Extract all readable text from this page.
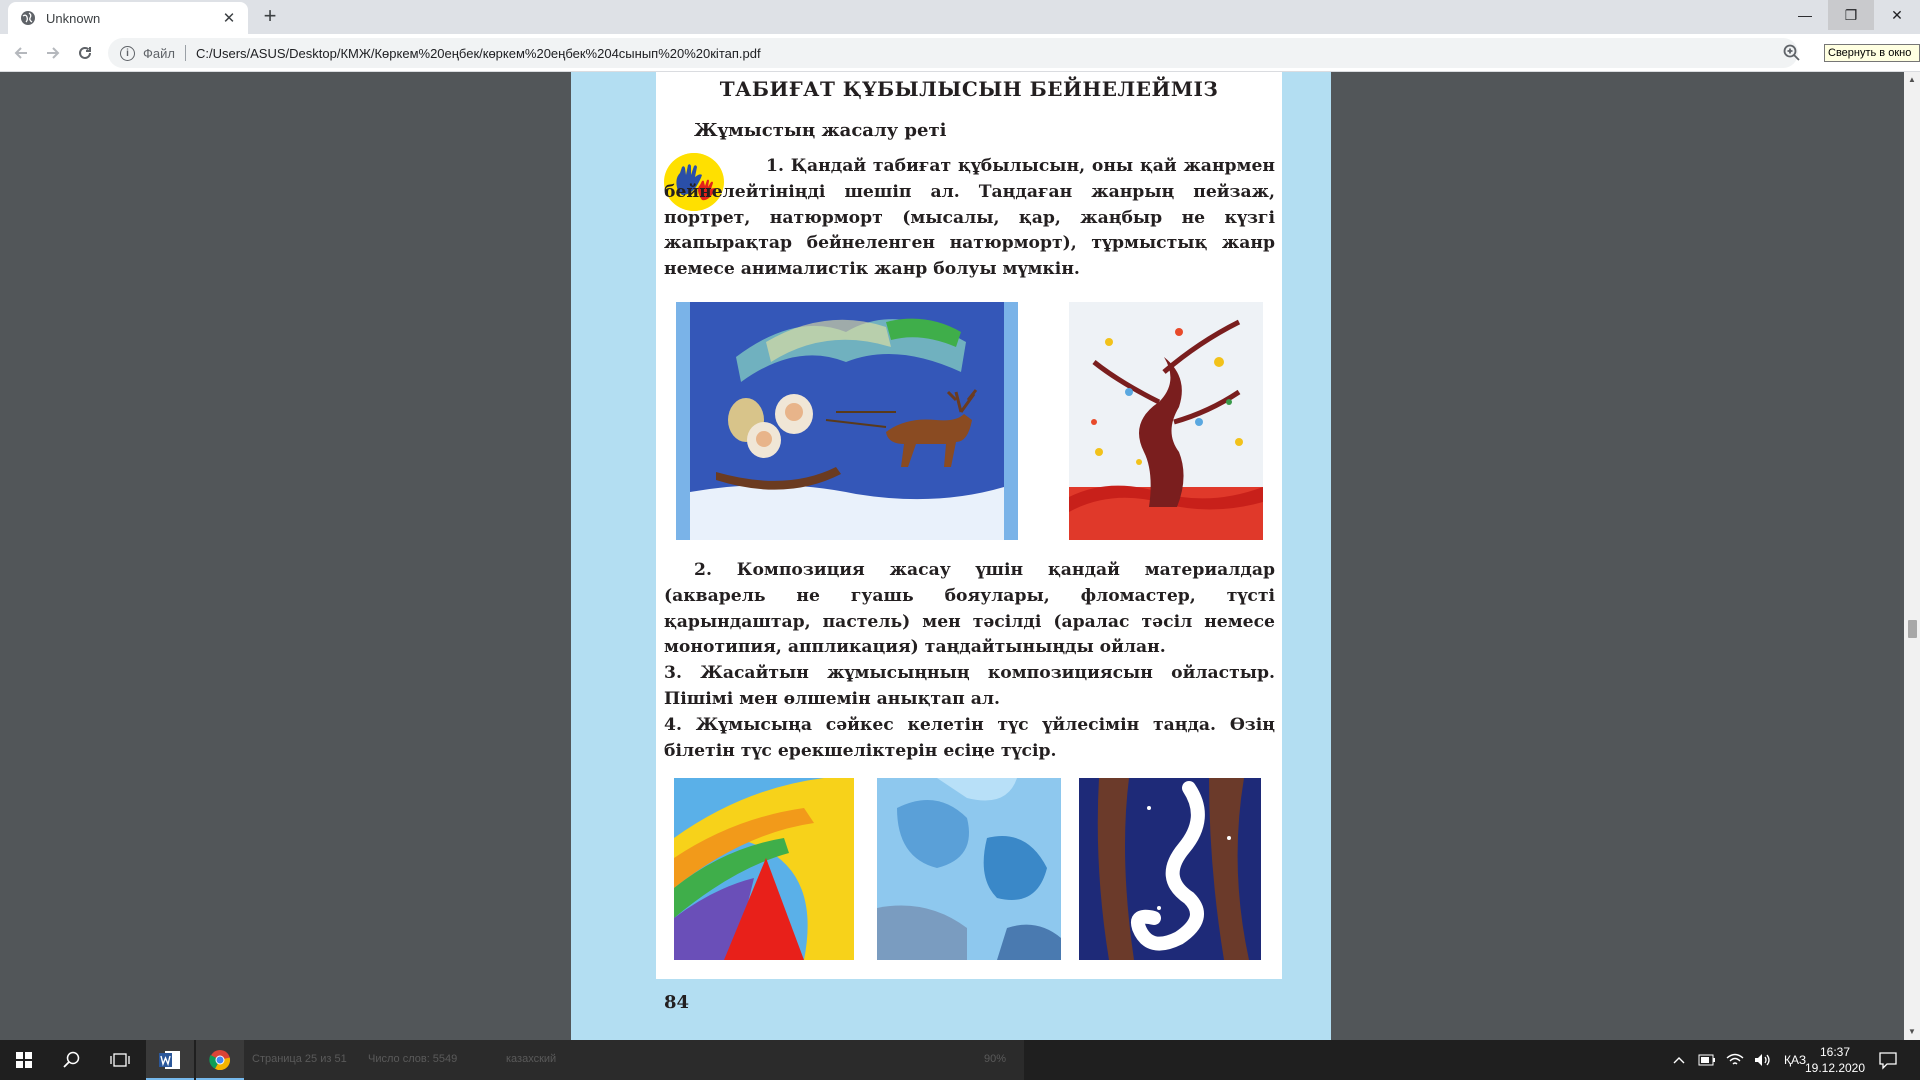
Unknown	✕ +	—	❐	✕
i	Файл C:/Users/ASUS/Desktop/КМЖ/Көркем%20еңбек/көркем%20еңбек%204сынып%20%20кітап.pdf	Свернуть в окно
ТАБИҒАТ ҚҰБЫЛЫСЫН БЕЙНЕЛЕЙМІЗ
Жұмыстың жасалу реті

1. Қандай табиғат құбылысын, оны қай жанрмен бейнелейтініңді шешіп ал. Таңдаған жанрың пейзаж, портрет, натюрморт (мысалы, қар, жаңбыр не күзгі жапырақтар бейнеленген натюрморт), тұрмыстық жанр немесе анималистік жанр болуы мүмкін.

2. Композиция жасау үшін қандай материалдар (акварель не гуашь бояулары, фломастер, түсті қарындаштар, пастель) мен тәсілді (аралас тәсіл немесе монотипия, аппликация) таңдайтыныңды ойлан.
3. Жасайтын жұмысыңның композициясын ойластыр. Пішімі мен өлшемін анықтап ал.
4. Жұмысыңа сәйкес келетін түс үйлесімін таңда. Өзің білетін түс ерекшеліктерін есіңе түсір.

84
▲
▼
Страница 25 из 51 Число слов: 5549	казахский	90%	ҚАЗ
16:37
19.12.2020
